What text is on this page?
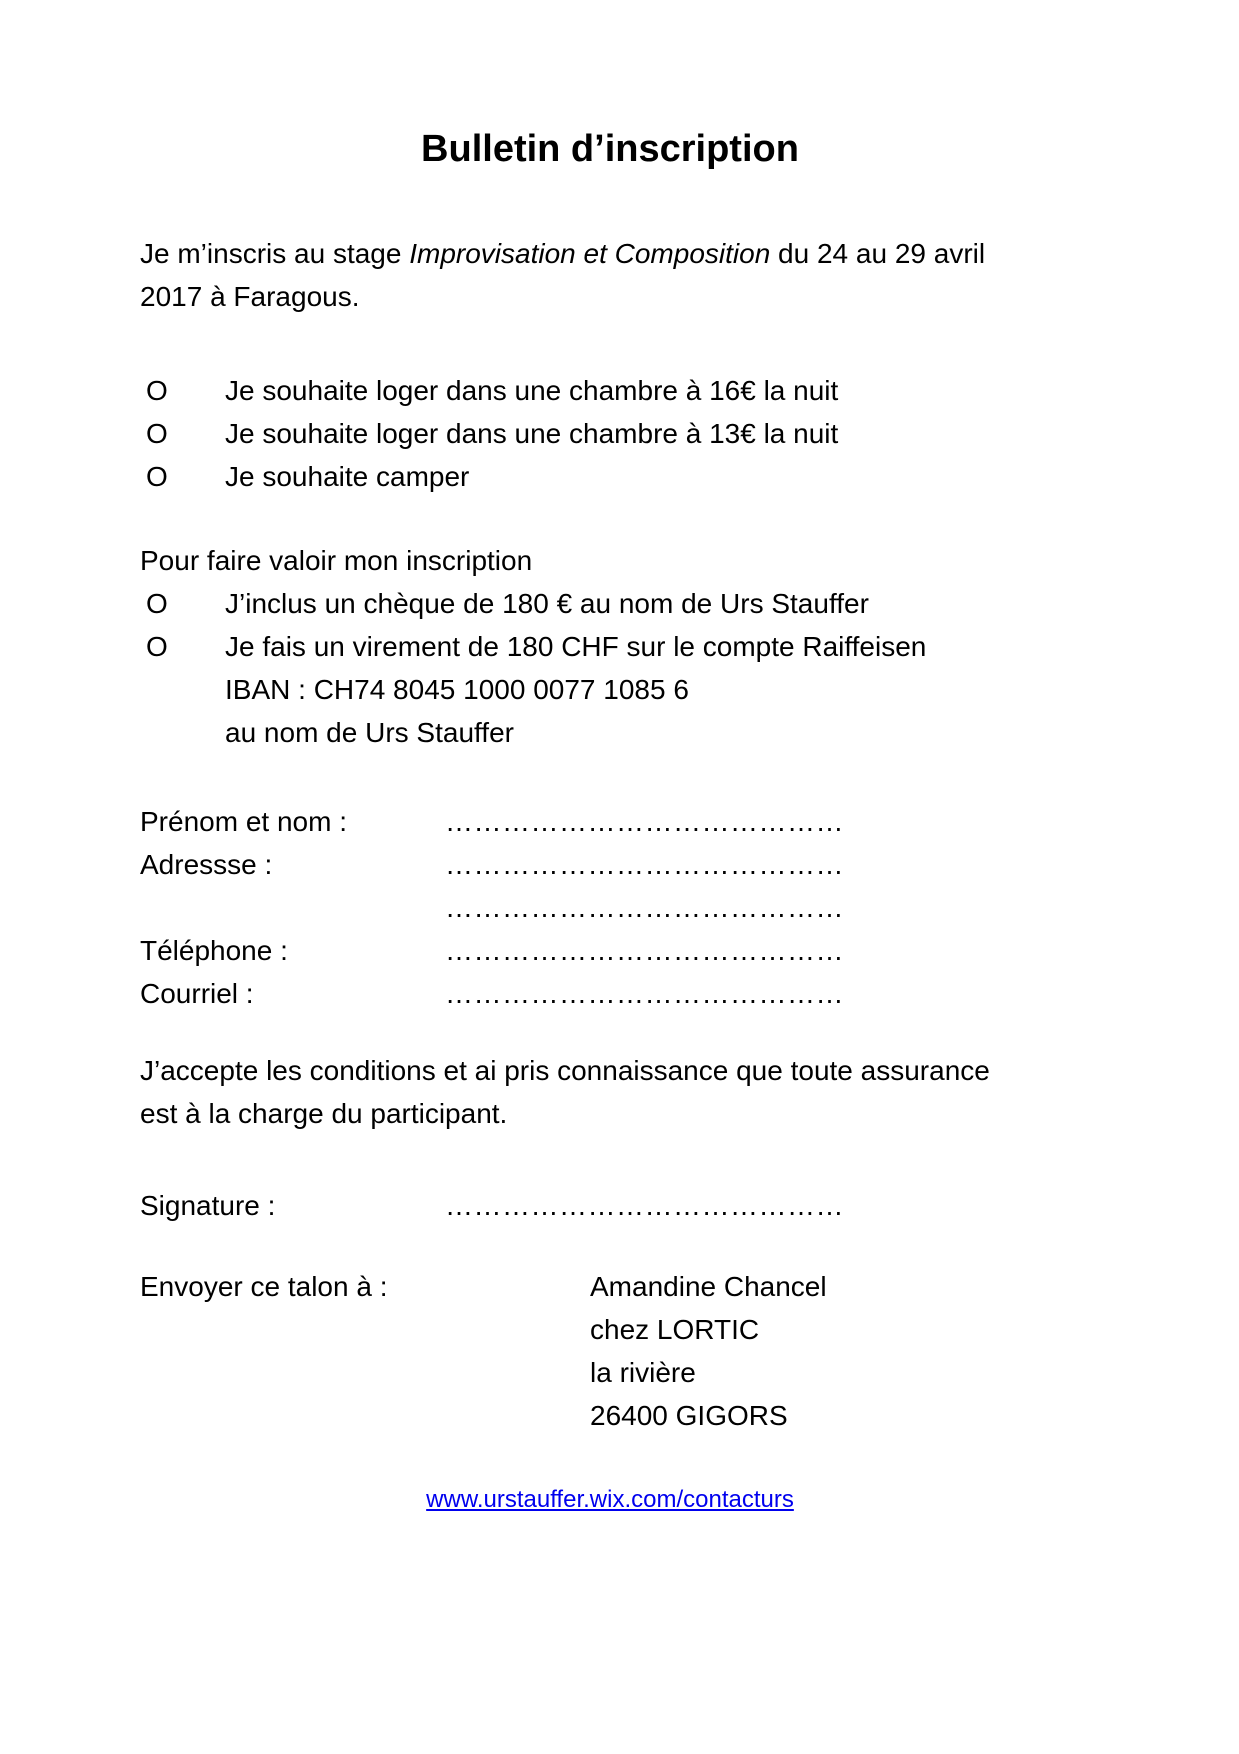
Bulletin d’inscription
Je m’inscris au stage Improvisation et Composition du 24 au 29 avril
2017 à Faragous.
O	Je souhaite loger dans une chambre à 16€ la nuit
O	Je souhaite loger dans une chambre à 13€ la nuit
O	Je souhaite camper
Pour faire valoir mon inscription
O	J’inclus un chèque de 180 € au nom de Urs Stauffer
O	Je fais un virement de 180 CHF sur le compte Raiffeisen
IBAN : CH74 8045 1000 0077 1085 6
au nom de Urs Stauffer
Prénom et nom :	……………………………………
Adressse :	……………………………………
……………………………………
Téléphone :	……………………………………
Courriel :	……………………………………
J’accepte les conditions et ai pris connaissance que toute assurance
est à la charge du participant.
Signature :	……………………………………
Envoyer ce talon à :	Amandine Chancel
chez LORTIC
la rivière
26400 GIGORS
www.urstauffer.wix.com/contacturs
